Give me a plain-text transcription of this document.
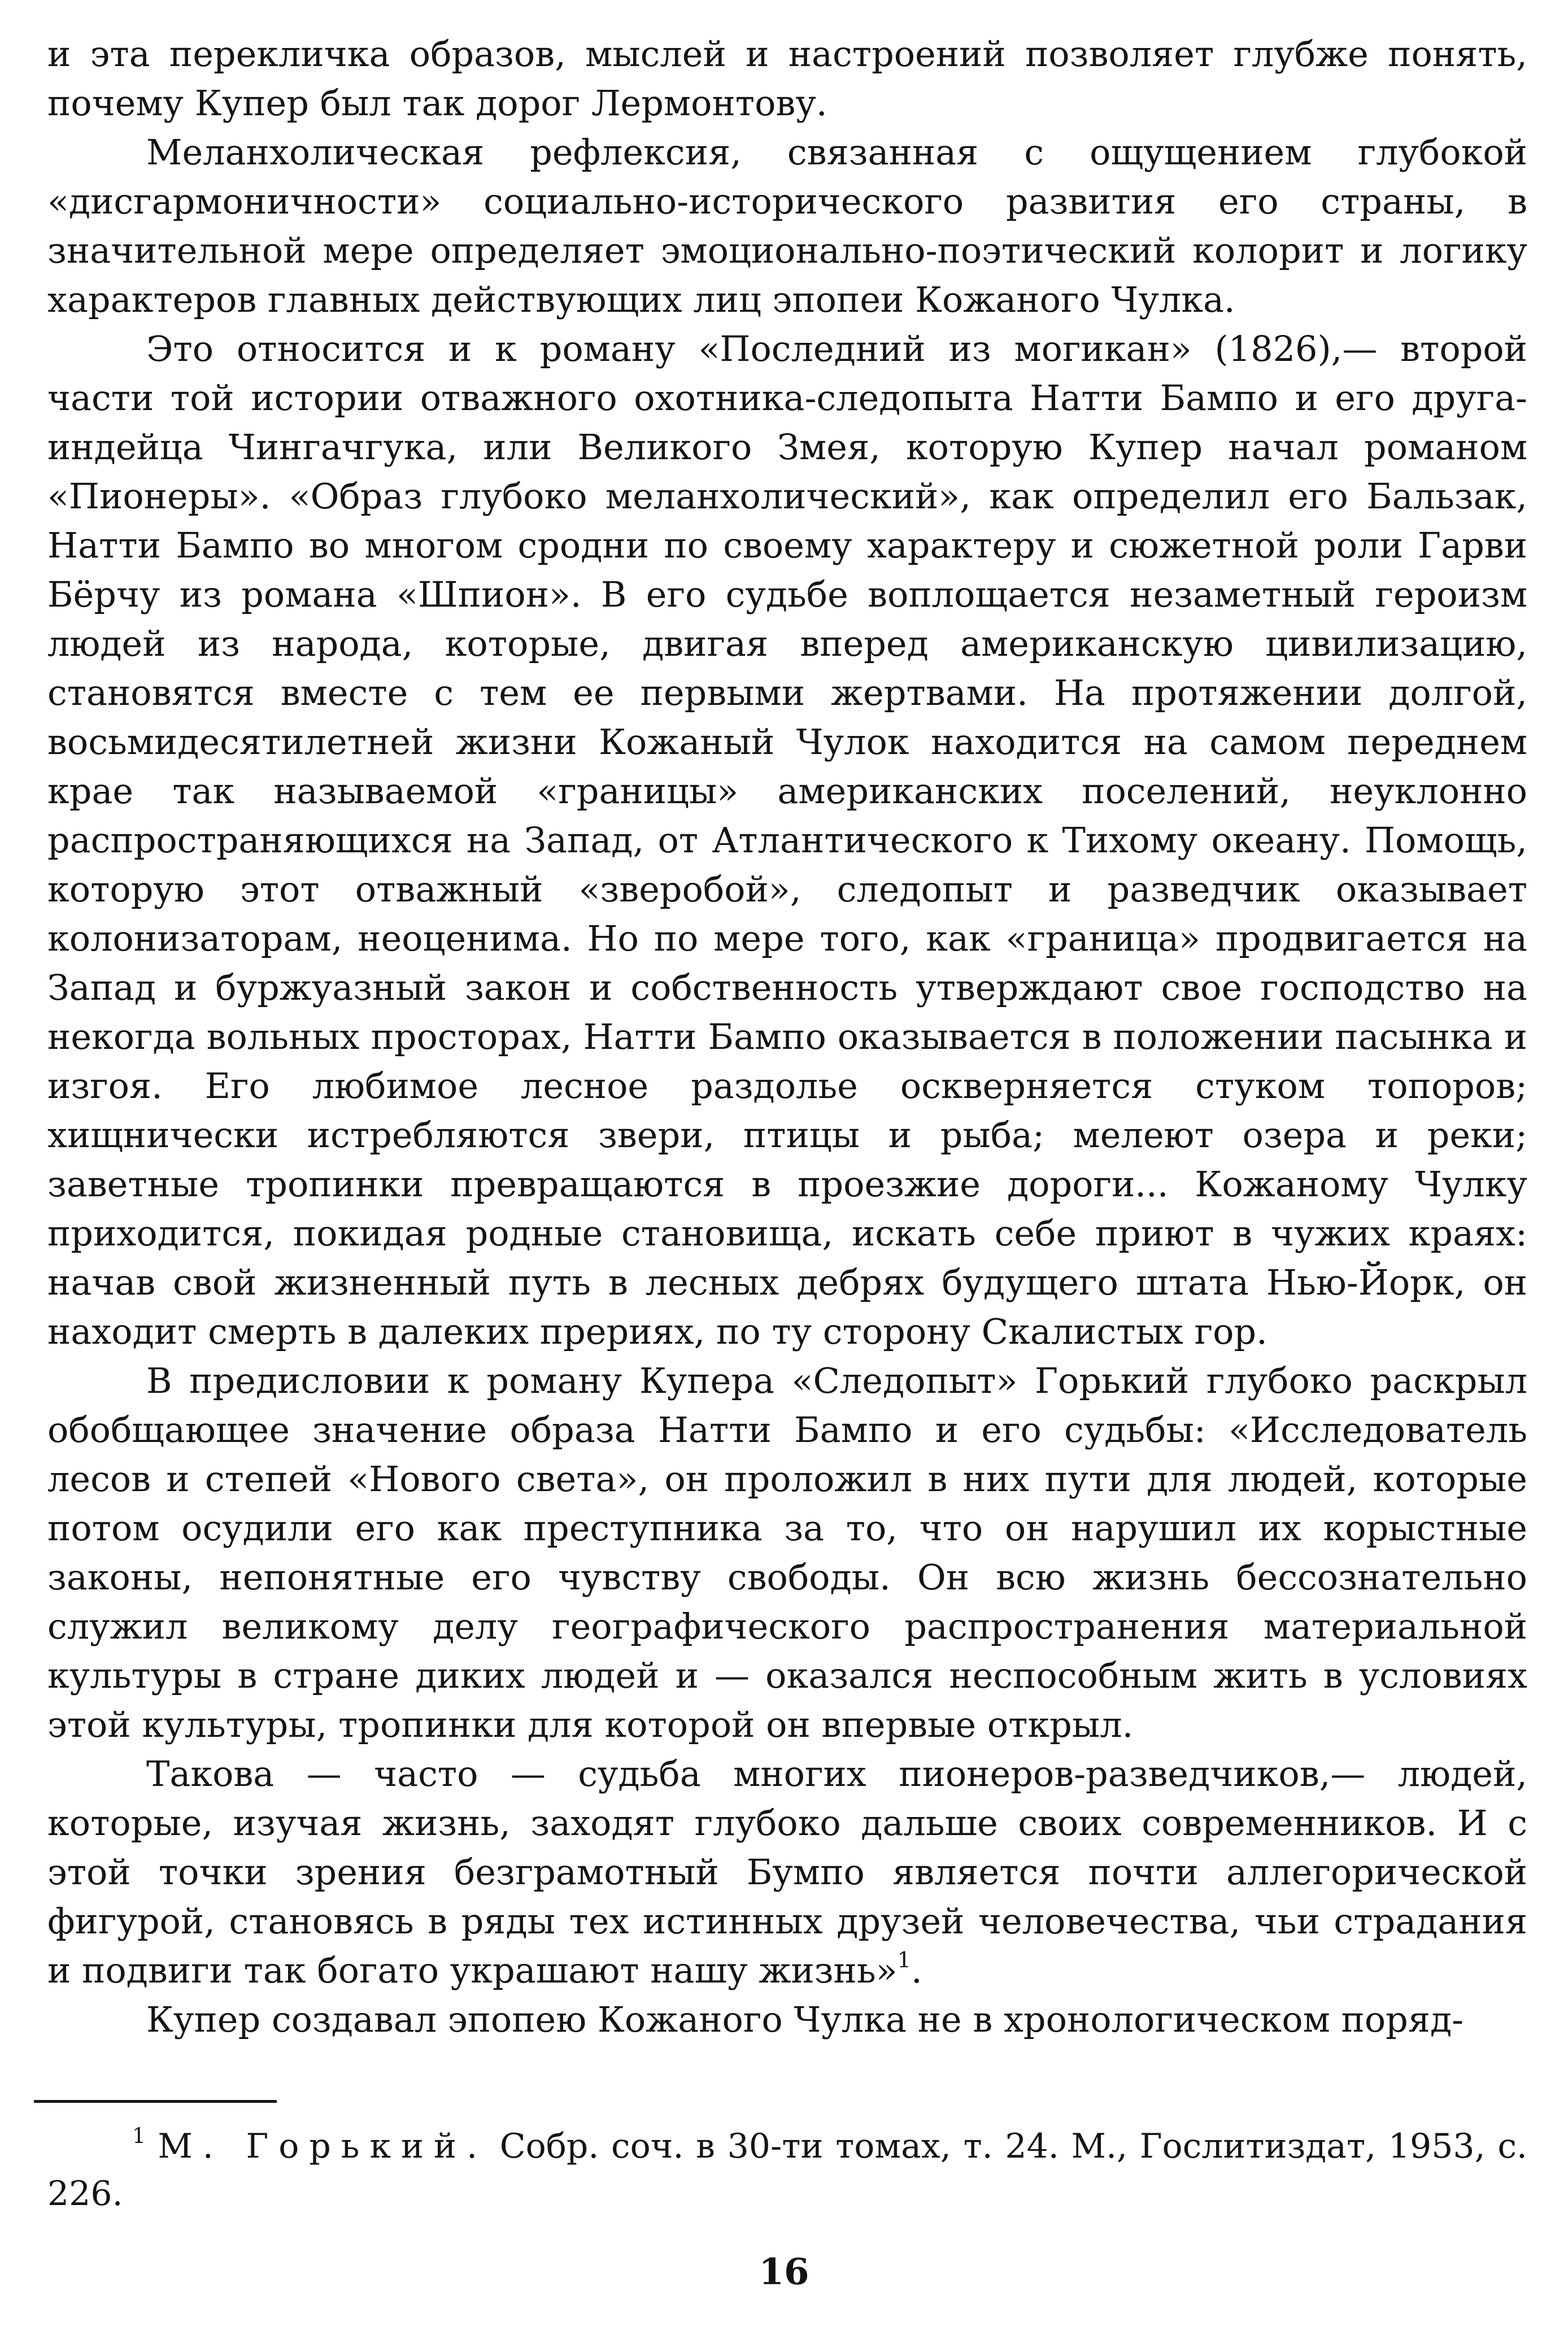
и эта перекличка образов, мыслей и настроений позволяет глубже понять, почему Купер был так дорог Лермонтову.

Меланхолическая рефлексия, связанная с ощущением глубокой «дисгармоничности» социально-исторического развития его страны, в значительной мере определяет эмоционально-поэтический колорит и логику характеров главных действующих лиц эпопеи Кожаного Чулка.

Это относится и к роману «Последний из могикан» (1826),— второй части той истории отважного охотника-следопыта Натти Бампо и его друга-индейца Чингачгука, или Великого Змея, которую Купер начал романом «Пионеры». «Образ глубоко меланхолический», как определил его Бальзак, Натти Бампо во многом сродни по своему характеру и сюжетной роли Гарви Бёрчу из романа «Шпион». В его судьбе воплощается незаметный героизм людей из народа, которые, двигая вперед американскую цивилизацию, становятся вместе с тем ее первыми жертвами. На протяжении долгой, восьмидесятилетней жизни Кожаный Чулок находится на самом переднем крае так называемой «границы» американских поселений, неуклонно распространяющихся на Запад, от Атлантического к Тихому океану. Помощь, которую этот отважный «зверобой», следопыт и разведчик оказывает колонизаторам, неоценима. Но по мере того, как «граница» продвигается на Запад и буржуазный закон и собственность утверждают свое господство на некогда вольных просторах, Натти Бампо оказывается в положении пасынка и изгоя. Его любимое лесное раздолье оскверняется стуком топоров; хищнически истребляются звери, птицы и рыба; мелеют озера и реки; заветные тропинки превращаются в проезжие дороги... Кожаному Чулку приходится, покидая родные становища, искать себе приют в чужих краях: начав свой жизненный путь в лесных дебрях будущего штата Нью-Йорк, он находит смерть в далеких прериях, по ту сторону Скалистых гор.

В предисловии к роману Купера «Следопыт» Горький глубоко раскрыл обобщающее значение образа Натти Бампо и его судьбы: «Исследователь лесов и степей «Нового света», он проложил в них пути для людей, которые потом осудили его как преступника за то, что он нарушил их корыстные законы, непонятные его чувству свободы. Он всю жизнь бессознательно служил великому делу географического распространения материальной культуры в стране диких людей и — оказался неспособным жить в условиях этой культуры, тропинки для которой он впервые открыл.

Такова — часто — судьба многих пионеров-разведчиков,— людей, которые, изучая жизнь, заходят глубоко дальше своих современников. И с этой точки зрения безграмотный Бумпо является почти аллегорической фигурой, становясь в ряды тех истинных друзей человечества, чьи страдания и подвиги так богато украшают нашу жизнь»$^1$.

Купер создавал эпопею Кожаного Чулка не в хронологическом поряд-

$^1$ М. Горький. Собр. соч. в 30-ти томах, т. 24. М., Гослитиздат, 1953, с. 226.
16
